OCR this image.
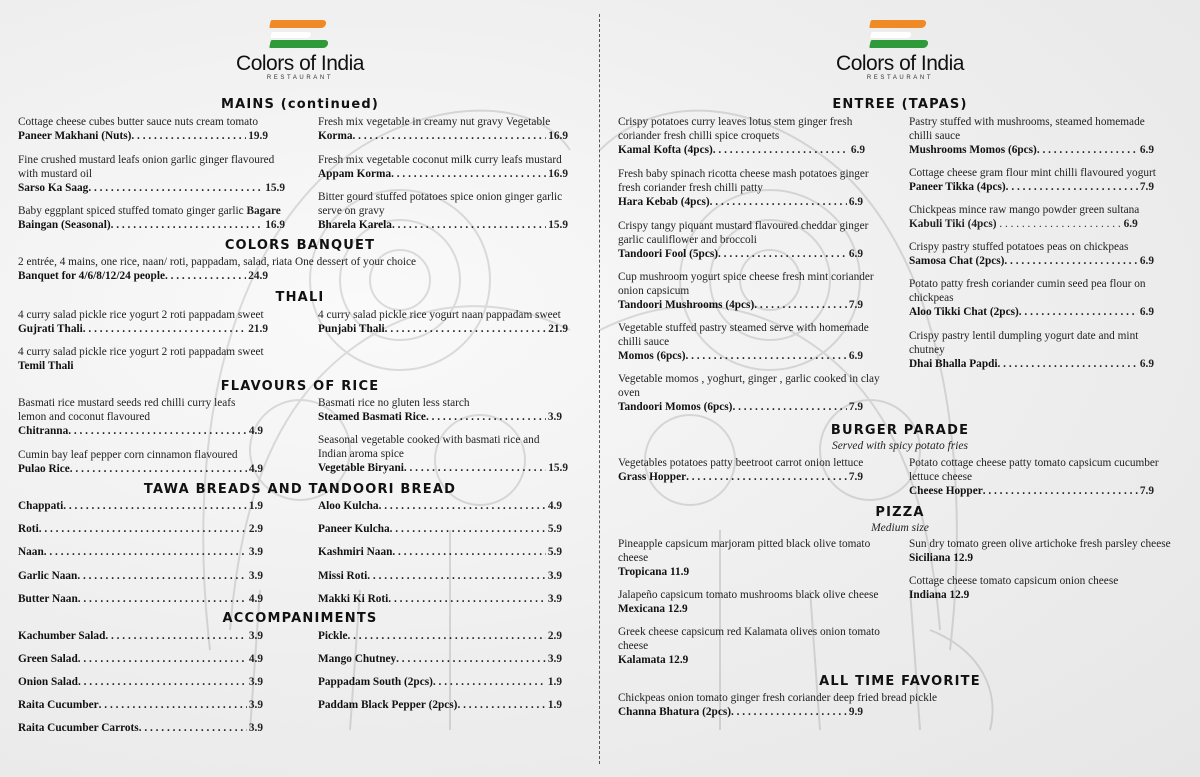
Colors of India
RESTAURANT
Colors of India
RESTAURANT
MAINS (continued)
Cottage cheese cubes butter sauce nuts cream tomato
Paneer Makhani (Nuts) . . .	19.9
Fine crushed mustard leafs onion garlic ginger flavoured with mustard oil
Sarso Ka Saag . . .	15.9
Baby eggplant spiced stuffed tomato ginger garlic Bagare
Baingan (Seasonal) . . .	16.9
Fresh mix vegetable in creamy nut gravy Vegetable
Korma . . .	16.9
Fresh mix vegetable coconut milk curry leafs mustard
Appam Korma . . .	16.9
Bitter gourd stuffed potatoes spice onion ginger garlic serve on gravy
Bharela Karela . . .	15.9
COLORS BANQUET
2 entrée, 4 mains, one rice, naan/ roti, pappadam, salad, riata One dessert of your choice
Banquet for 4/6/8/12/24 people . . .	24.9
THALI
4 curry salad pickle rice yogurt 2 roti pappadam sweet
Gujrati Thali . . .	21.9
4 curry salad pickle rice yogurt 2 roti pappadam sweet
Temil Thali
4 curry salad pickle rice yogurt naan pappadam sweet
Punjabi Thali . . .	21.9
FLAVOURS OF RICE
Basmati rice mustard seeds red chilli curry leafs lemon and coconut flavoured
Chitranna . . .	4.9
Cumin bay leaf pepper corn cinnamon flavoured
Pulao Rice . . .	4.9
Basmati rice no gluten less starch
Steamed Basmati Rice . . .	3.9
Seasonal vegetable cooked with basmati rice and Indian aroma spice
Vegetable Biryani . . .	15.9
TAWA BREADS AND TANDOORI BREAD
Chappati . . .	1.9
Roti . . .	2.9
Naan . . .	3.9
Garlic Naan . . .	3.9
Butter Naan . . .	4.9
Aloo Kulcha . . .	4.9
Paneer Kulcha . . .	5.9
Kashmiri Naan . . .	5.9
Missi Roti . . .	3.9
Makki Ki Roti . . .	3.9
ACCOMPANIMENTS
Kachumber Salad . . .	3.9
Green Salad . . .	4.9
Onion Salad . . .	3.9
Raita Cucumber . . .	3.9
Raita Cucumber Carrots . . .	3.9
Pickle . . .	2.9
Mango Chutney . . .	3.9
Pappadam South (2pcs) . . .	1.9
Paddam Black Pepper (2pcs) . . .	1.9
ENTREE (TAPAS)
Crispy potatoes curry leaves lotus stem ginger fresh coriander fresh chilli spice croquets
Kamal Kofta (4pcs) . . .	6.9
Fresh baby spinach ricotta cheese mash potatoes ginger fresh coriander fresh chilli patty
Hara Kebab (4pcs) . . .	6.9
Crispy tangy piquant mustard flavoured cheddar ginger garlic cauliflower and broccoli
Tandoori Fool (5pcs) . . .	6.9
Cup mushroom yogurt spice cheese fresh mint coriander onion capsicum
Tandoori Mushrooms (4pcs) . . .	7.9
Vegetable stuffed pastry steamed serve with homemade chilli sauce
Momos (6pcs) . . .	6.9
Vegetable momos , yoghurt, ginger , garlic cooked in clay oven
Tandoori Momos (6pcs) . . .	7.9
Pastry stuffed with mushrooms, steamed homemade chilli sauce
Mushrooms Momos (6pcs) . . .	6.9
Cottage cheese gram flour mint chilli flavoured yogurt
Paneer Tikka (4pcs) . . .	7.9
Chickpeas mince raw mango powder green sultana Kabuli Tiki (4pcs) . . . . . . . . . . . . . . . . . . . . . . 6.9
Crispy pastry stuffed potatoes peas on chickpeas
Samosa Chat (2pcs) . . .	6.9
Potato patty fresh coriander cumin seed pea flour on chickpeas
Aloo Tikki Chat (2pcs) . . .	6.9
Crispy pastry lentil dumpling yogurt date and mint chutney
Dhai Bhalla Papdi . . .	6.9
BURGER PARADE
Served with spicy potato fries
Vegetables potatoes patty beetroot carrot onion lettuce
Grass Hopper . . .	7.9
Potato cottage cheese patty tomato capsicum cucumber lettuce cheese
Cheese Hopper . . .	7.9
PIZZA
Medium size
Pineapple capsicum marjoram pitted black olive tomato cheese
Tropicana 11.9
Jalapeño capsicum tomato mushrooms black olive cheese
Mexicana 12.9
Greek cheese capsicum red Kalamata olives onion tomato cheese
Kalamata 12.9
Sun dry tomato green olive artichoke fresh parsley cheese
Siciliana 12.9
Cottage cheese tomato capsicum onion cheese
Indiana 12.9
ALL TIME FAVORITE
Chickpeas onion tomato ginger fresh coriander deep fried bread pickle
Channa Bhatura (2pcs) . . .	9.9
